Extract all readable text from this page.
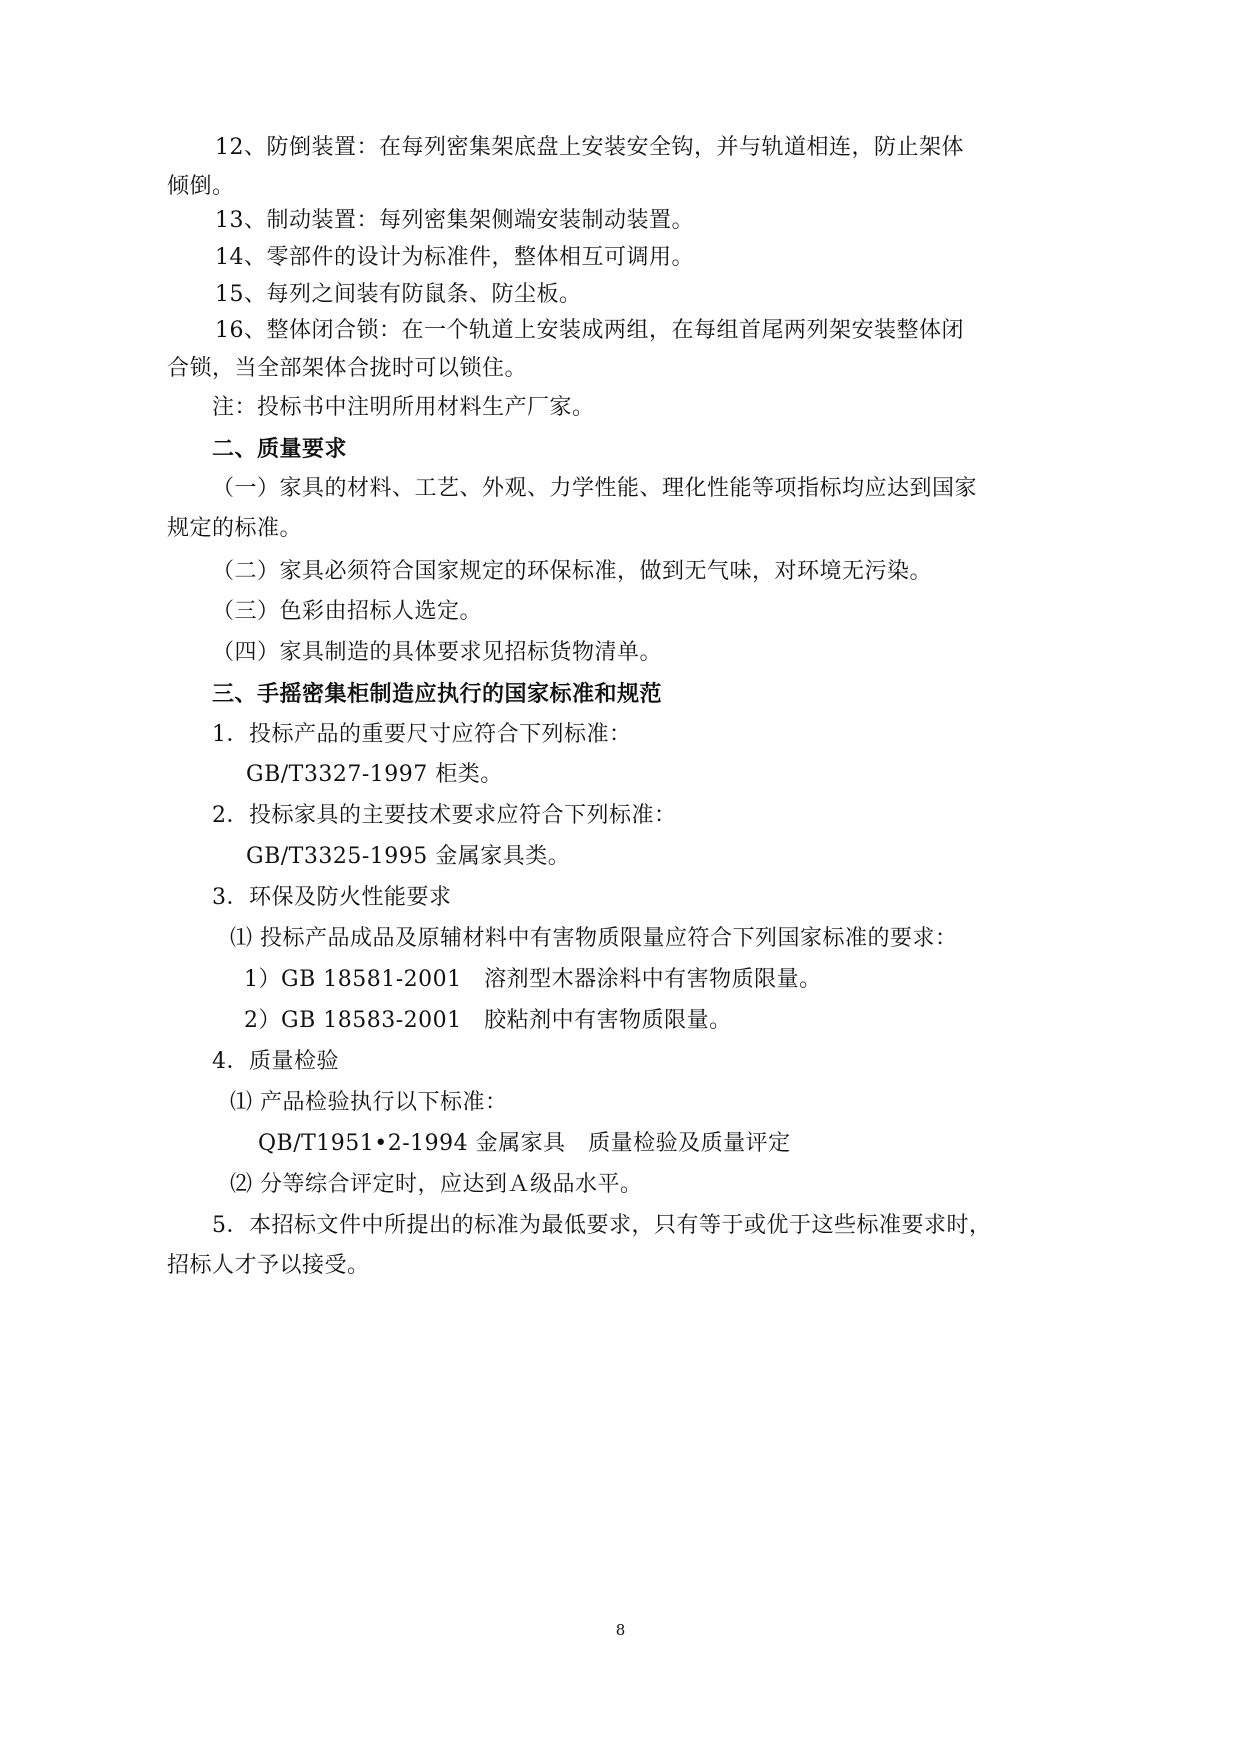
12、防倒装置：在每列密集架底盘上安装安全钩，并与轨道相连，防止架体
倾倒。
13、制动装置：每列密集架侧端安装制动装置。
14、零部件的设计为标准件，整体相互可调用。
15、每列之间装有防鼠条、防尘板。
16、整体闭合锁：在一个轨道上安装成两组，在每组首尾两列架安装整体闭
合锁，当全部架体合拢时可以锁住。
注：投标书中注明所用材料生产厂家。
二、质量要求
（一）家具的材料、工艺、外观、力学性能、理化性能等项指标均应达到国家
规定的标准。
（二）家具必须符合国家规定的环保标准，做到无气味，对环境无污染。
（三）色彩由招标人选定。
（四）家具制造的具体要求见招标货物清单。
三、手摇密集柜制造应执行的国家标准和规范
1．投标产品的重要尺寸应符合下列标准：
GB/T3327-1997 柜类。
2．投标家具的主要技术要求应符合下列标准：
GB/T3325-1995 金属家具类。
3．环保及防火性能要求
⑴ 投标产品成品及原辅材料中有害物质限量应符合下列国家标准的要求：
1）GB 18581-2001　溶剂型木器涂料中有害物质限量。
2）GB 18583-2001　胶粘剂中有害物质限量。
4．质量检验
⑴ 产品检验执行以下标准：
QB/T1951•2-1994 金属家具　质量检验及质量评定
⑵ 分等综合评定时，应达到Ａ级品水平。
5．本招标文件中所提出的标准为最低要求，只有等于或优于这些标准要求时，
招标人才予以接受。
8
